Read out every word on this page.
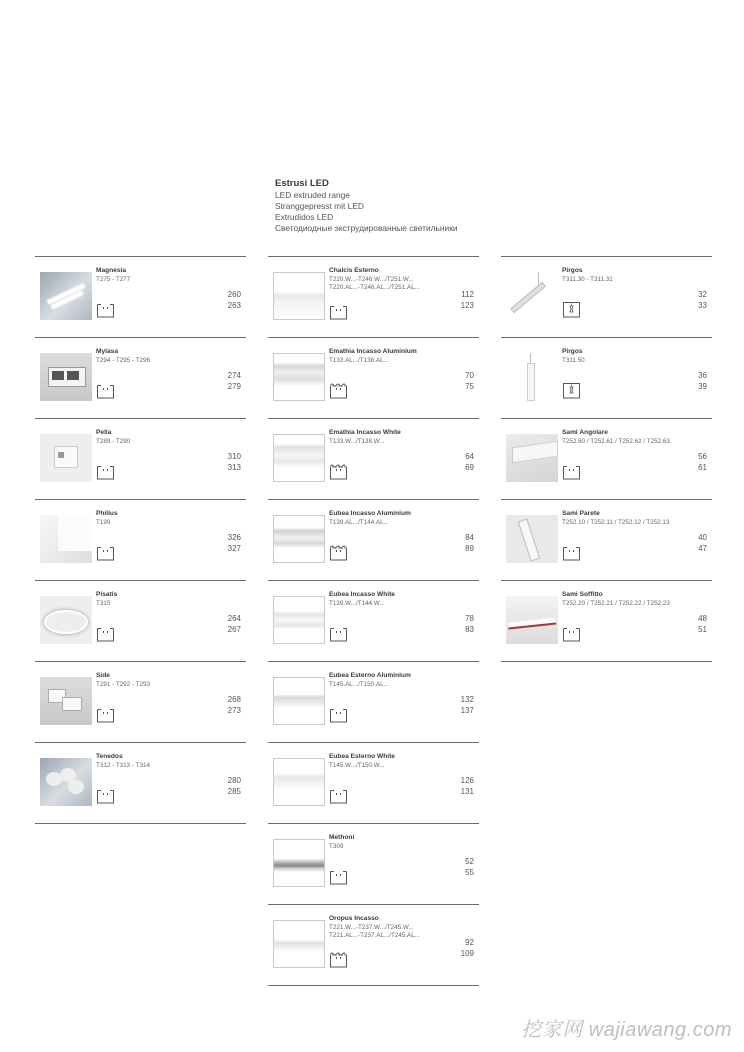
Estrusi LED
LED extruded range
Stranggepresst mit LED
Extrudidos LED
Светодиодные экструдированные светильники
Magnesia
T275 - T277
260
263
Mylasa
T294 - T295 - T296
274
279
Pella
T289 - T290
310
313
Philius
T199
326
327
Pisatis
T315
264
267
Side
T291 - T292 - T293
268
273
Tenedos
T312 - T313 - T314
280
285
Chalcis Esterno
T220.W...-T246.W.../T251.W... T220.AL...-T246.AL.../T251.AL...
112
123
Emathia Incasso Aluminium
T133.AL.../T138.AL...
70
75
Emathia Incasso White
T133.W.../T138.W...
64
69
Eubea Incasso Aluminium
T139.AL.../T144.AL...
84
89
Eubea Incasso White
T139.W.../T144.W...
78
83
Eubea Esterno Aluminium
T145.AL.../T150.AL...
132
137
Eubea Esterno White
T145.W.../T150.W...
126
131
Methoni
T309
52
55
Oropus Incasso
T221.W...-T237.W.../T245.W... T221.AL...-T237.AL.../T245.AL...
92
109
Pirgos
T311.30 - T311.31
32
33
Pirgos
T311.50
36
39
Sami Angolare
T252.60 / T252.61 / T252.62 / T252.63
56
61
Sami Parete
T252.10 / T252.11 / T252.12 / T252.13
40
47
Sami Soffitto
T252.20 / T252.21 / T252.22 / T252.23
48
51
挖家网 wajiawang.com
